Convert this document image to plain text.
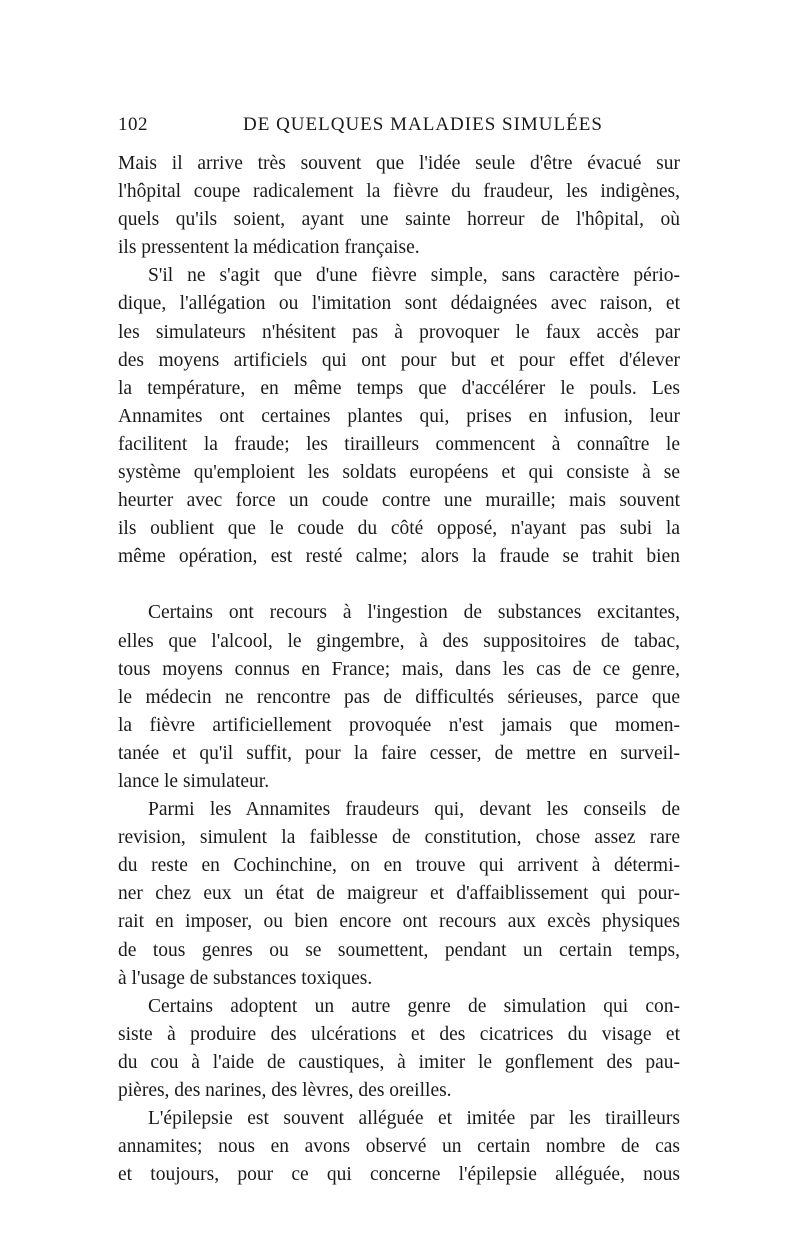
102	DE QUELQUES MALADIES SIMULÉES
Mais il arrive très souvent que l'idée seule d'être évacué sur
l'hôpital coupe radicalement la fièvre du fraudeur, les indigènes,
quels qu'ils soient, ayant une sainte horreur de l'hôpital, où
ils pressentent la médication française.
S'il ne s'agit que d'une fièvre simple, sans caractère pério-
dique, l'allégation ou l'imitation sont dédaignées avec raison, et
les simulateurs n'hésitent pas à provoquer le faux accès par
des moyens artificiels qui ont pour but et pour effet d'élever
la température, en même temps que d'accélérer le pouls. Les
Annamites ont certaines plantes qui, prises en infusion, leur
facilitent la fraude; les tirailleurs commencent à connaître le
système qu'emploient les soldats européens et qui consiste à se
heurter avec force un coude contre une muraille; mais souvent
ils oublient que le coude du côté opposé, n'ayant pas subi la
même opération, est resté calme; alors la fraude se trahit bien
Certains ont recours à l'ingestion de substances excitantes,
elles que l'alcool, le gingembre, à des suppositoires de tabac,
tous moyens connus en France; mais, dans les cas de ce genre,
le médecin ne rencontre pas de difficultés sérieuses, parce que
la fièvre artificiellement provoquée n'est jamais que momen-
tanée et qu'il suffit, pour la faire cesser, de mettre en surveil-
lance le simulateur.
Parmi les Annamites fraudeurs qui, devant les conseils de
revision, simulent la faiblesse de constitution, chose assez rare
du reste en Cochinchine, on en trouve qui arrivent à détermi-
ner chez eux un état de maigreur et d'affaiblissement qui pour-
rait en imposer, ou bien encore ont recours aux excès physiques
de tous genres ou se soumettent, pendant un certain temps,
à l'usage de substances toxiques.
Certains adoptent un autre genre de simulation qui con-
siste à produire des ulcérations et des cicatrices du visage et
du cou à l'aide de caustiques, à imiter le gonflement des pau-
pières, des narines, des lèvres, des oreilles.
L'épilepsie est souvent alléguée et imitée par les tirailleurs
annamites; nous en avons observé un certain nombre de cas
et toujours, pour ce qui concerne l'épilepsie alléguée, nous
